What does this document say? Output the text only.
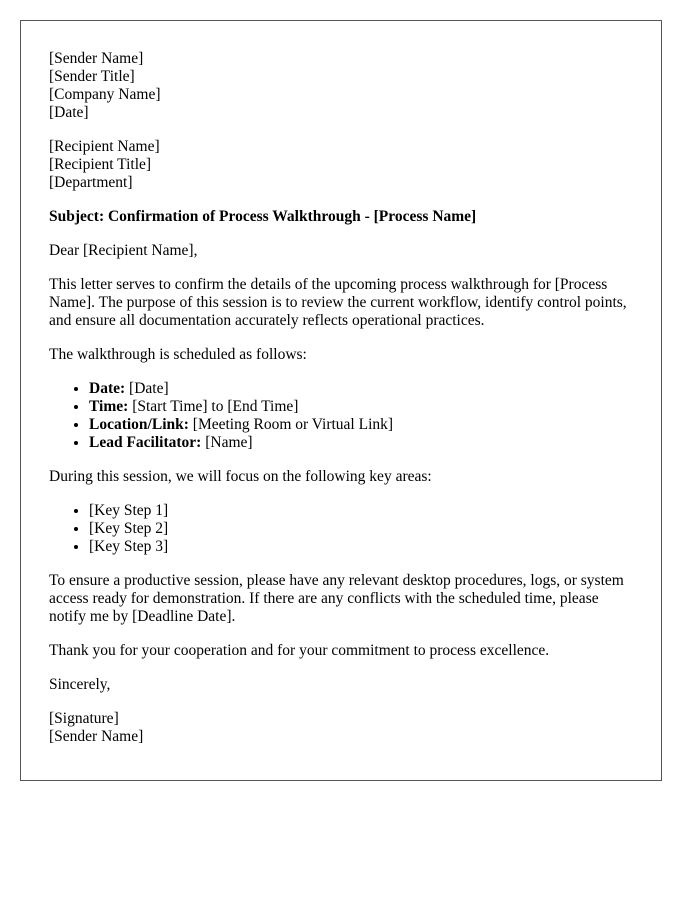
[Sender Name]

[Sender Title]

[Company Name]

[Date]

[Recipient Name]

[Recipient Title]

[Department]

Subject: Confirmation of Process Walkthrough - [Process Name]

Dear [Recipient Name],

This letter serves to confirm the details of the upcoming process walkthrough for [Process Name]. The purpose of this session is to review the current workflow, identify control points, and ensure all documentation accurately reflects operational practices.

The walkthrough is scheduled as follows:

• Date: [Date]
• Time: [Start Time] to [End Time]
• Location/Link: [Meeting Room or Virtual Link]
• Lead Facilitator: [Name]

During this session, we will focus on the following key areas:

• [Key Step 1]
• [Key Step 2]
• [Key Step 3]

To ensure a productive session, please have any relevant desktop procedures, logs, or system access ready for demonstration. If there are any conflicts with the scheduled time, please notify me by [Deadline Date].

Thank you for your cooperation and for your commitment to process excellence.

Sincerely,

[Signature]

[Sender Name]
